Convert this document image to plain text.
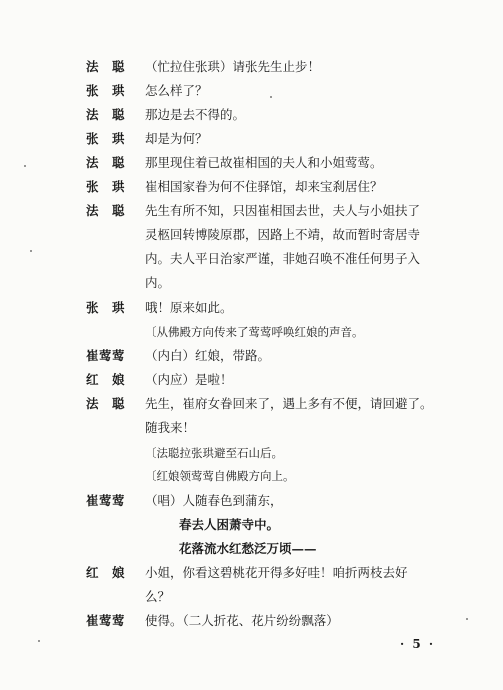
法　聪	（忙拉住张珙）请张先生止步！
张　珙	怎么样了？
法　聪	那边是去不得的。
张　珙	却是为何？
法　聪	那里现住着已故崔相国的夫人和小姐莺莺。
张　珙	崔相国家眷为何不住驿馆，却来宝刹居住？
法　聪	先生有所不知，只因崔相国去世，夫人与小姐扶了
灵柩回转博陵原郡，因路上不靖，故而暂时寄居寺
内。夫人平日治家严谨，非她召唤不准任何男子入
内。
张　珙	哦！原来如此。
〔从佛殿方向传来了莺莺呼唤红娘的声音。
崔莺莺	（内白）红娘，带路。
红　娘	（内应）是啦！
法　聪	先生，崔府女眷回来了，遇上多有不便，请回避了。
随我来！
〔法聪拉张珙避至石山后。
〔红娘领莺莺自佛殿方向上。
崔莺莺	（唱）人随春色到蒲东，
春去人困萧寺中。
花落流水红愁泛万顷——
红　娘	小姐，你看这碧桃花开得多好哇！咱折两枝去好
么？
崔莺莺	使得。（二人折花、花片纷纷飘落）
· 5 ·
